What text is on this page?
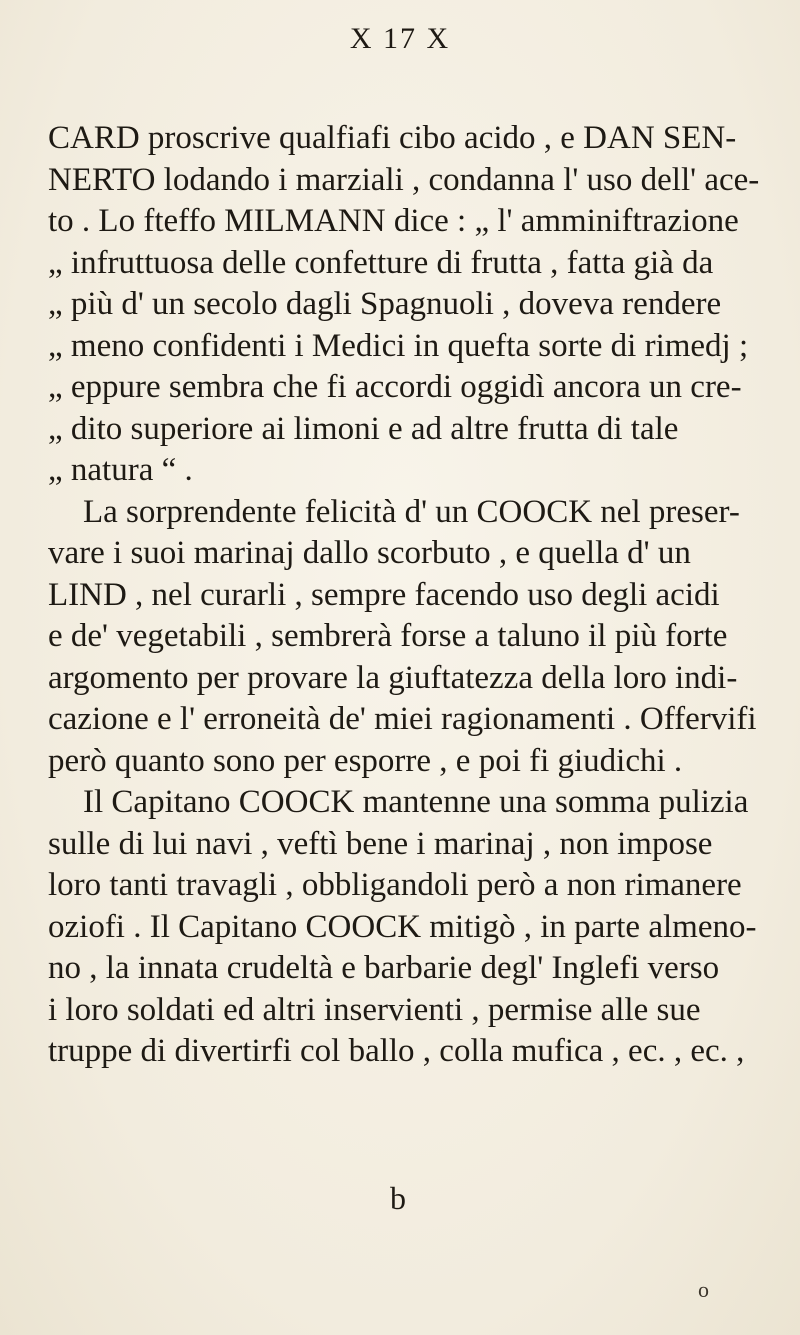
X 17 X
CARD proscrive qualfiafi cibo acido , e DAN SEN-
NERTO lodando i marziali , condanna l' uso dell' ace-
to . Lo fteffo MILMANN dice : „ l' amminiftrazione
„ infruttuosa delle confetture di frutta , fatta già da
„ più d' un secolo dagli Spagnuoli , doveva rendere
„ meno confidenti i Medici in quefta sorte di rimedj ;
„ eppure sembra che fi accordi oggidì ancora un cre-
„ dito superiore ai limoni e ad altre frutta di tale
„ natura “ .
La sorprendente felicità d' un COOCK nel preser-
vare i suoi marinaj dallo scorbuto , e quella d' un
LIND , nel curarli , sempre facendo uso degli acidi
e de' vegetabili , sembrerà forse a taluno il più forte
argomento per provare la giuftatezza della loro indi-
cazione e l' erroneità de' miei ragionamenti . Offervifi
però quanto sono per esporre , e poi fi giudichi .
Il Capitano COOCK mantenne una somma pulizia
sulle di lui navi , veftì bene i marinaj , non impose
loro tanti travagli , obbligandoli però a non rimanere
oziofi . Il Capitano COOCK mitigò , in parte almeno-
no , la innata crudeltà e barbarie degl' Inglefi verso
i loro soldati ed altri inservienti , permise alle sue
truppe di divertirfi col ballo , colla mufica , ec. , ec. ,
b
o
